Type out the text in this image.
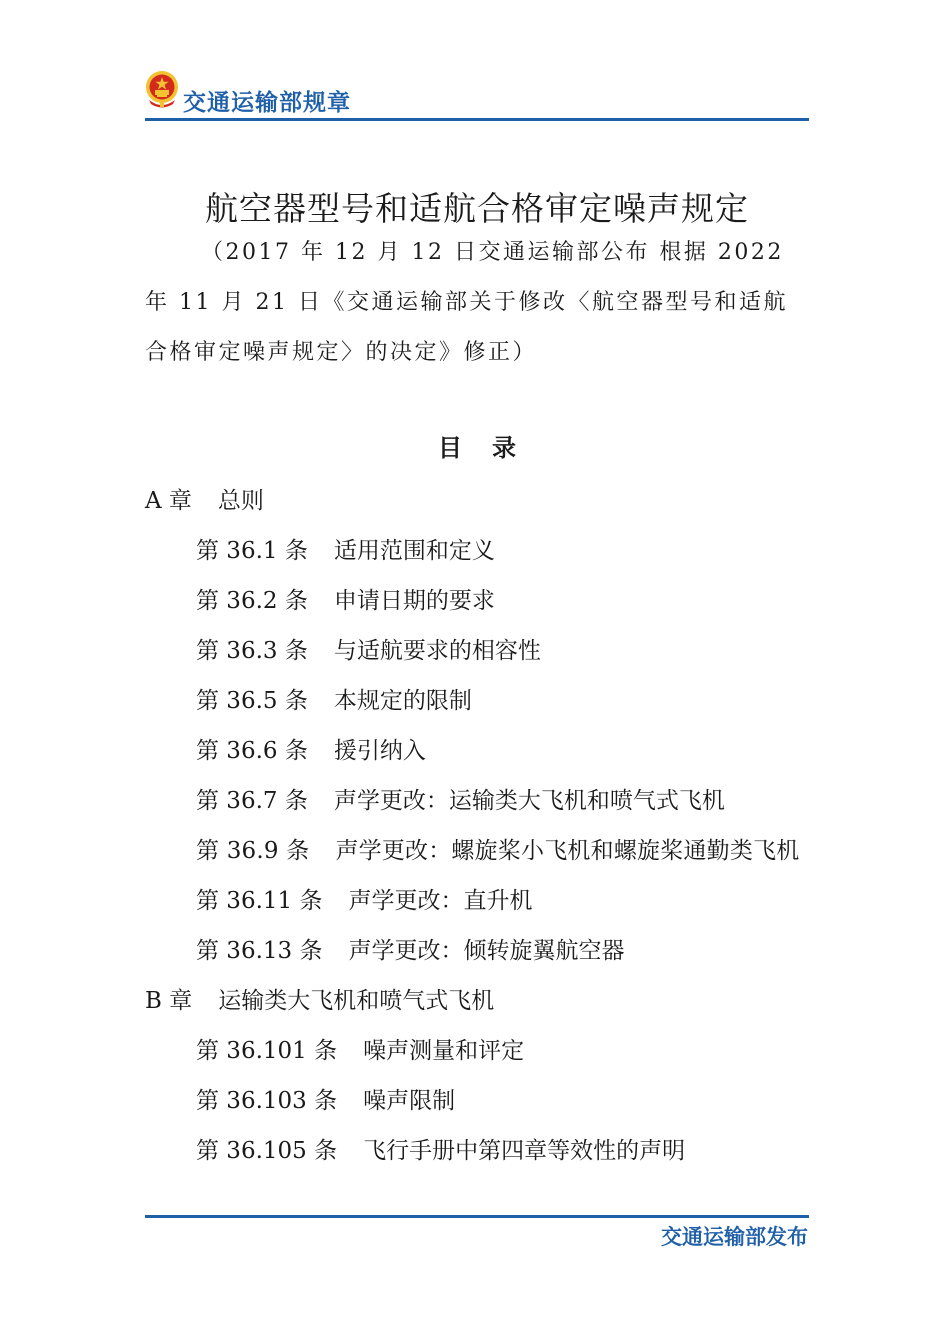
交通运输部规章
航空器型号和适航合格审定噪声规定
（2017 年 12 月 12 日交通运输部公布 根据 2022 年 11 月 21 日《交通运输部关于修改〈航空器型号和适航合格审定噪声规定〉的决定》修正）
目录
A 章 总则
第 36.1 条 适用范围和定义
第 36.2 条 申请日期的要求
第 36.3 条 与适航要求的相容性
第 36.5 条 本规定的限制
第 36.6 条 援引纳入
第 36.7 条 声学更改：运输类大飞机和喷气式飞机
第 36.9 条 声学更改：螺旋桨小飞机和螺旋桨通勤类飞机
第 36.11 条 声学更改：直升机
第 36.13 条 声学更改：倾转旋翼航空器
B 章 运输类大飞机和喷气式飞机
第 36.101 条 噪声测量和评定
第 36.103 条 噪声限制
第 36.105 条 飞行手册中第四章等效性的声明
交通运输部发布
